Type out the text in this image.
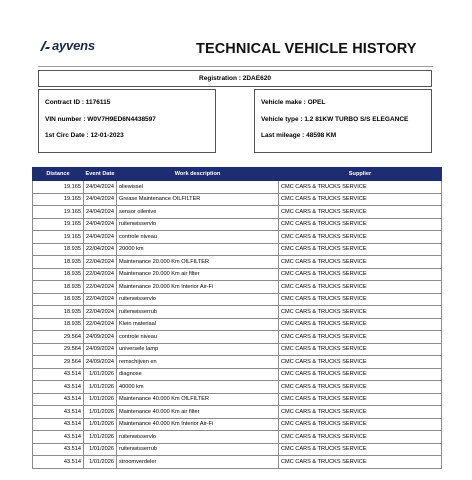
ayvens	TECHNICAL VEHICLE HISTORY
Registration : 2DAE620
Contract ID : 1176115
VIN number : W0V7H9ED6N4438597
1st Circ Date : 12-01-2023
Vehicle make : OPEL
Vehicle type : 1.2 81KW TURBO S/S ELEGANCE
Last mileage : 48598 KM
Distance	Event Date	Work description	Supplier
19.165	24/04/2024	oliewissel	CMC CARS & TRUCKS SERVICE
19.165	24/04/2024	Grease Maintenance OILFILTER	CMC CARS & TRUCKS SERVICE
19.165	24/04/2024	sensor oilenive	CMC CARS & TRUCKS SERVICE
19.165	24/04/2024	ruitenwisservlo	CMC CARS & TRUCKS SERVICE
19.165	24/04/2024	controle niveau	CMC CARS & TRUCKS SERVICE
18.935	22/04/2024	20000 km	CMC CARS & TRUCKS SERVICE
18.935	22/04/2024	Maintenance 20.000 Km OILFILTER	CMC CARS & TRUCKS SERVICE
18.935	22/04/2024	Maintenance 20.000 Km air filter	CMC CARS & TRUCKS SERVICE
18.935	22/04/2024	Maintenance 20.000 Km Interior Air-Fi	CMC CARS & TRUCKS SERVICE
18.935	22/04/2024	ruitenwisservlo	CMC CARS & TRUCKS SERVICE
18.935	22/04/2024	ruitenwisserrub	CMC CARS & TRUCKS SERVICE
18.935	22/04/2024	Klein materiaal	CMC CARS & TRUCKS SERVICE
29.564	24/09/2024	controle niveau	CMC CARS & TRUCKS SERVICE
29.564	24/09/2024	universele lamp	CMC CARS & TRUCKS SERVICE
29.564	24/09/2024	remschijven en	CMC CARS & TRUCKS SERVICE
43.514	1/01/2026	diagnose	CMC CARS & TRUCKS SERVICE
43.514	1/01/2026	40000 km	CMC CARS & TRUCKS SERVICE
43.514	1/01/2026	Maintenance 40.000 Km OILFILTER	CMC CARS & TRUCKS SERVICE
43.514	1/01/2026	Maintenance 40.000 Km air filter	CMC CARS & TRUCKS SERVICE
43.514	1/01/2026	Maintenance 40.000 Km Interior Air-Fi	CMC CARS & TRUCKS SERVICE
43.514	1/01/2026	ruitenwisservlo	CMC CARS & TRUCKS SERVICE
43.514	1/01/2026	ruitenwisserrub	CMC CARS & TRUCKS SERVICE
43.514	1/01/2026	stroomverdeler	CMC CARS & TRUCKS SERVICE
